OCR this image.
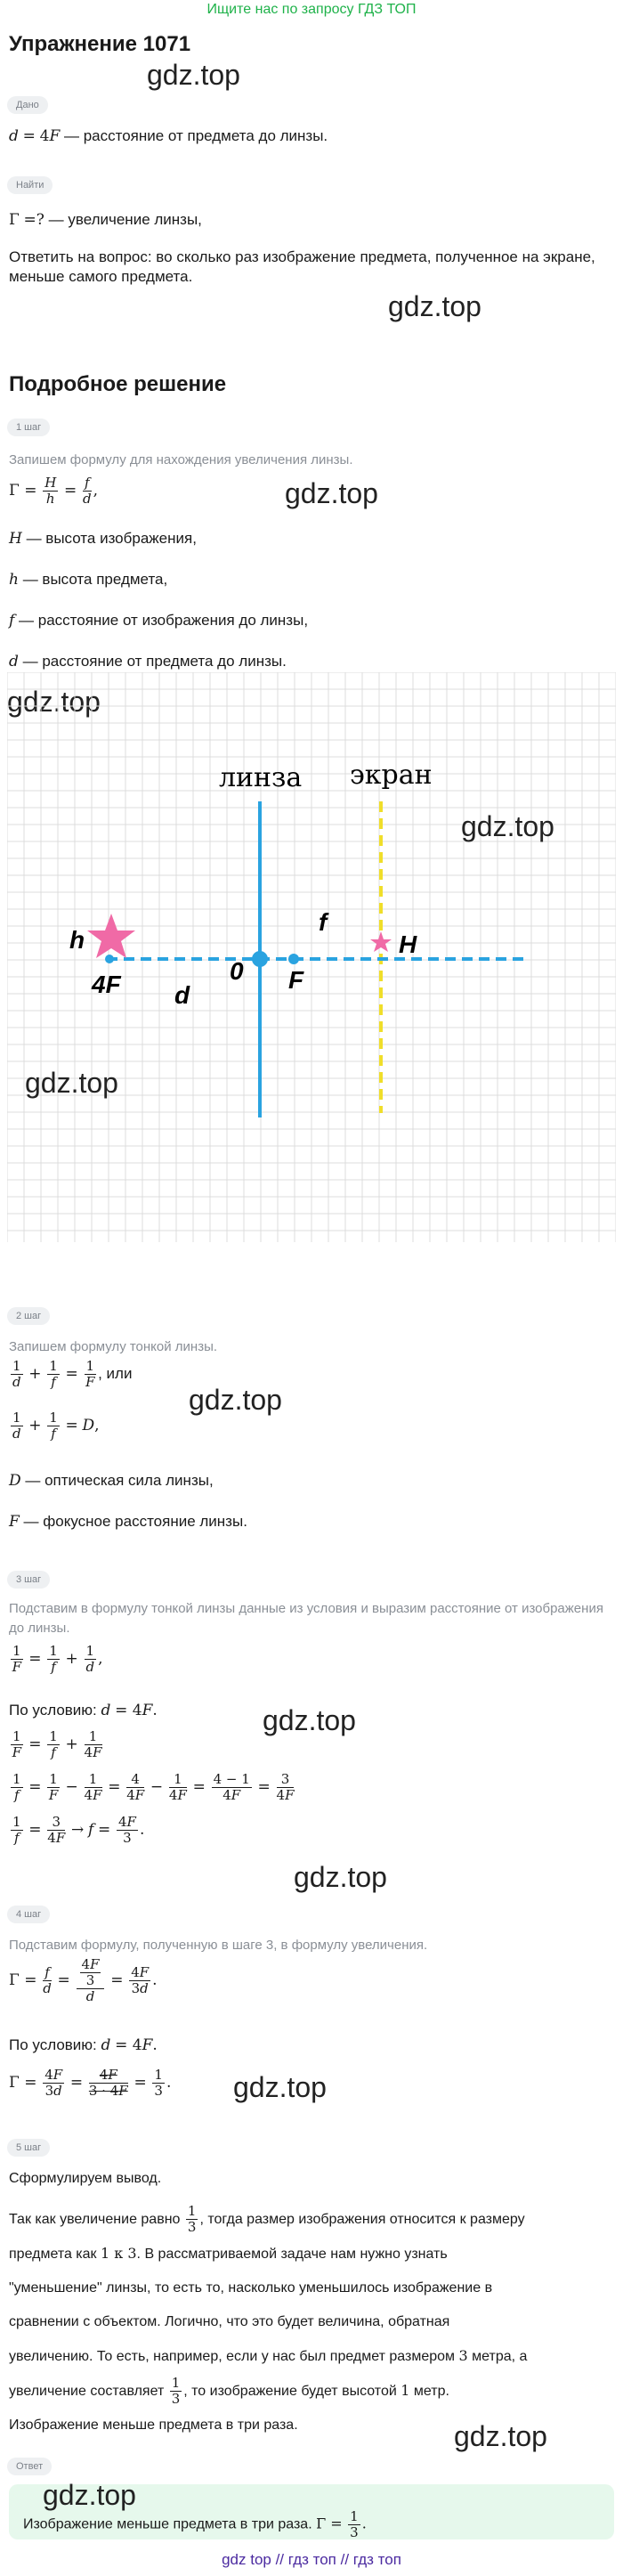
Ищите нас по запросу ГДЗ ТОП
Упражнение 1071
gdz.top
Дано
d = 4F — расстояние от предмета до линзы.
Найти
Γ =? — увеличение линзы,
Ответить на вопрос: во сколько раз изображение предмета, полученное на экране, меньше самого предмета.
gdz.top
Подробное решение
1 шаг
Запишем формулу для нахождения увеличения линзы.
$\Gamma = \frac{H}{h} = \frac{f}{d}$ ,	gdz.top
H — высота изображения,
h — высота предмета,
f — расстояние от изображения до линзы,
d — расстояние от предмета до линзы.
gdz.top
линза экран
h	H
f
d
0 F
4F
gdz.top
gdz.top
2 шаг
Запишем формулу тонкой линзы.
$\frac{1}{d} + \frac{1}{f} = \frac{1}{F}$ , или
$\frac{1}{d} + \frac{1}{f} = D$,
gdz.top
D — оптическая сила линзы,
F — фокусное расстояние линзы.
3 шаг
Подставим в формулу тонкой линзы данные из условия и выразим расстояние от изображения до линзы.
$\frac{1}{F} = \frac{1}{f} + \frac{1}{d}$ ,
По условию: d = 4F.	gdz.top
$\frac{1}{F} = \frac{1}{f} + \frac{1}{4F}$
$\frac{1}{f} = \frac{1}{F} - \frac{1}{4F} = \frac{4}{4F} - \frac{1}{4F} = \frac{4 - 1}{4F} = \frac{3}{4F}$
$\frac{1}{f} = \frac{3}{4F} \to f = \frac{4F}{3}$ .
gdz.top
4 шаг
Подставим формулу, полученную в шаге 3, в формулу увеличения.
$\Gamma = \frac{f}{d} = \frac{\frac{4F}{3}}{d} = \frac{4F}{3d}$ .
По условию: d = 4F.
$\Gamma = \frac{4F}{3d} = \frac{4F}{3 \cdot 4F} = \frac{1}{3}$ . gdz.top
5 шаг
Сформулируем вывод.
Так как увеличение равно $\frac{1}{3}$ , тогда размер изображения относится к размеру
предмета как 1 к 3. В рассматриваемой задаче нам нужно узнать
"уменьшение" линзы, то есть то, насколько уменьшилось изображение в
сравнении с объектом. Логично, что это будет величина, обратная
увеличению. То есть, например, если у нас был предмет размером 3 метра, а
увеличение составляет $\frac{1}{3}$ , то изображение будет высотой 1 метр.
Изображение меньше предмета в три раза.	gdz.top
Ответ
gdz.top
Изображение меньше предмета в три раза. $\Gamma = \frac{1}{3}$ .
gdz top // гдз топ // гдз топ
